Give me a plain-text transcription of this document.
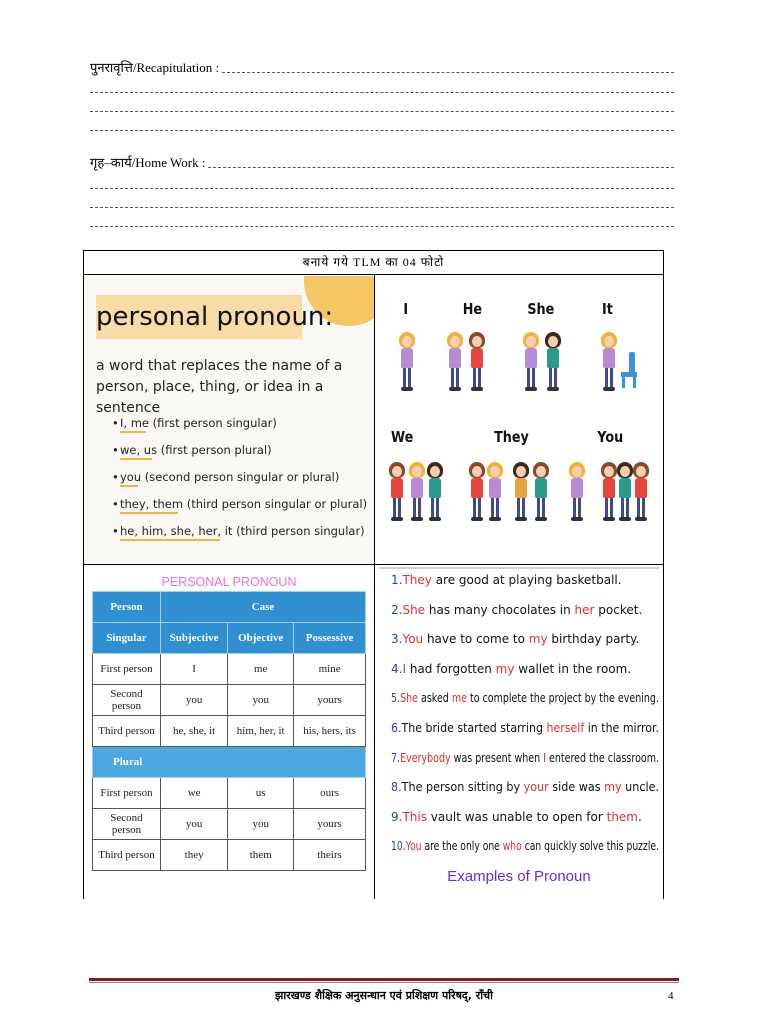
पुनरावृत्ति/Recapitulation :
गृह–कार्य/Home Work :
बनाये गये TLM का 04 फोटो
personal pronoun:
a word that replaces the name of a person, place, thing, or idea in a sentence
• I, me (first person singular)
• we, us (first person plural)
• you (second person singular or plural)
• they, them (third person singular or plural)
• he, him, she, her, it (third person singular)
I	He	She	It
We	They	You
PERSONAL PRONOUN
Person	Case		
Singular	Subjective	Objective	Possessive
First person	I	me	mine
Second person	you	you	yours
Third person	he, she, it	him, her, it	his, hers, its
Plural			
First person	we	us	ours
Second person	you	you	yours
Third person	they	them	theirs
1.They are good at playing basketball.
2.She has many chocolates in her pocket.
3.You have to come to my birthday party.
4.I had forgotten my wallet in the room.
5.She asked me to complete the project by the evening.
6.The bride started starring herself in the mirror.
7.Everybody was present when I entered the classroom.
8.The person sitting by your side was my uncle.
9.This vault was unable to open for them.
10.You are the only one who can quickly solve this puzzle.
Examples of Pronoun
झारखण्ड शैक्षिक अनुसन्धान एवं प्रशिक्षण परिषद्, राँची	4
